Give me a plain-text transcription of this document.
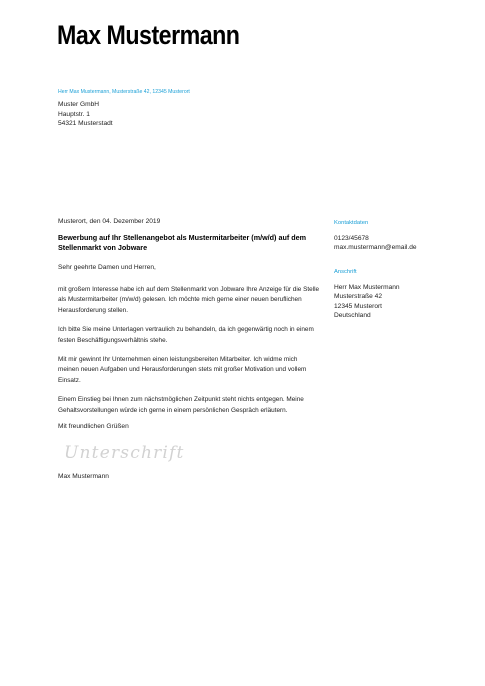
Max Mustermann
Herr Max Mustermann, Musterstraße 42, 12345 Musterort
Muster GmbH
Hauptstr. 1
54321 Musterstadt
Musterort, den 04. Dezember 2019
Bewerbung auf Ihr Stellenangebot als Mustermitarbeiter (m/w/d) auf dem Stellenmarkt von Jobware
Sehr geehrte Damen und Herren,

mit großem Interesse habe ich auf dem Stellenmarkt von Jobware Ihre Anzeige für die Stelle als Mustermitarbeiter (m/w/d) gelesen. Ich möchte mich gerne einer neuen beruflichen Herausforderung stellen.

Ich bitte Sie meine Unterlagen vertraulich zu behandeln, da ich gegenwärtig noch in einem festen Beschäftigungsverhältnis stehe.

Mit mir gewinnt Ihr Unternehmen einen leistungsbereiten Mitarbeiter. Ich widme mich meinen neuen Aufgaben und Herausforderungen stets mit großer Motivation und vollem Einsatz.

Einem Einstieg bei Ihnen zum nächstmöglichen Zeitpunkt steht nichts entgegen. Meine Gehaltsvorstellungen würde ich gerne in einem persönlichen Gespräch erläutern.

Mit freundlichen Grüßen
Unterschrift
Max Mustermann
Kontaktdaten
0123/45678
max.mustermann@email.de
Anschrift
Herr Max Mustermann
Musterstraße 42
12345 Musterort
Deutschland
